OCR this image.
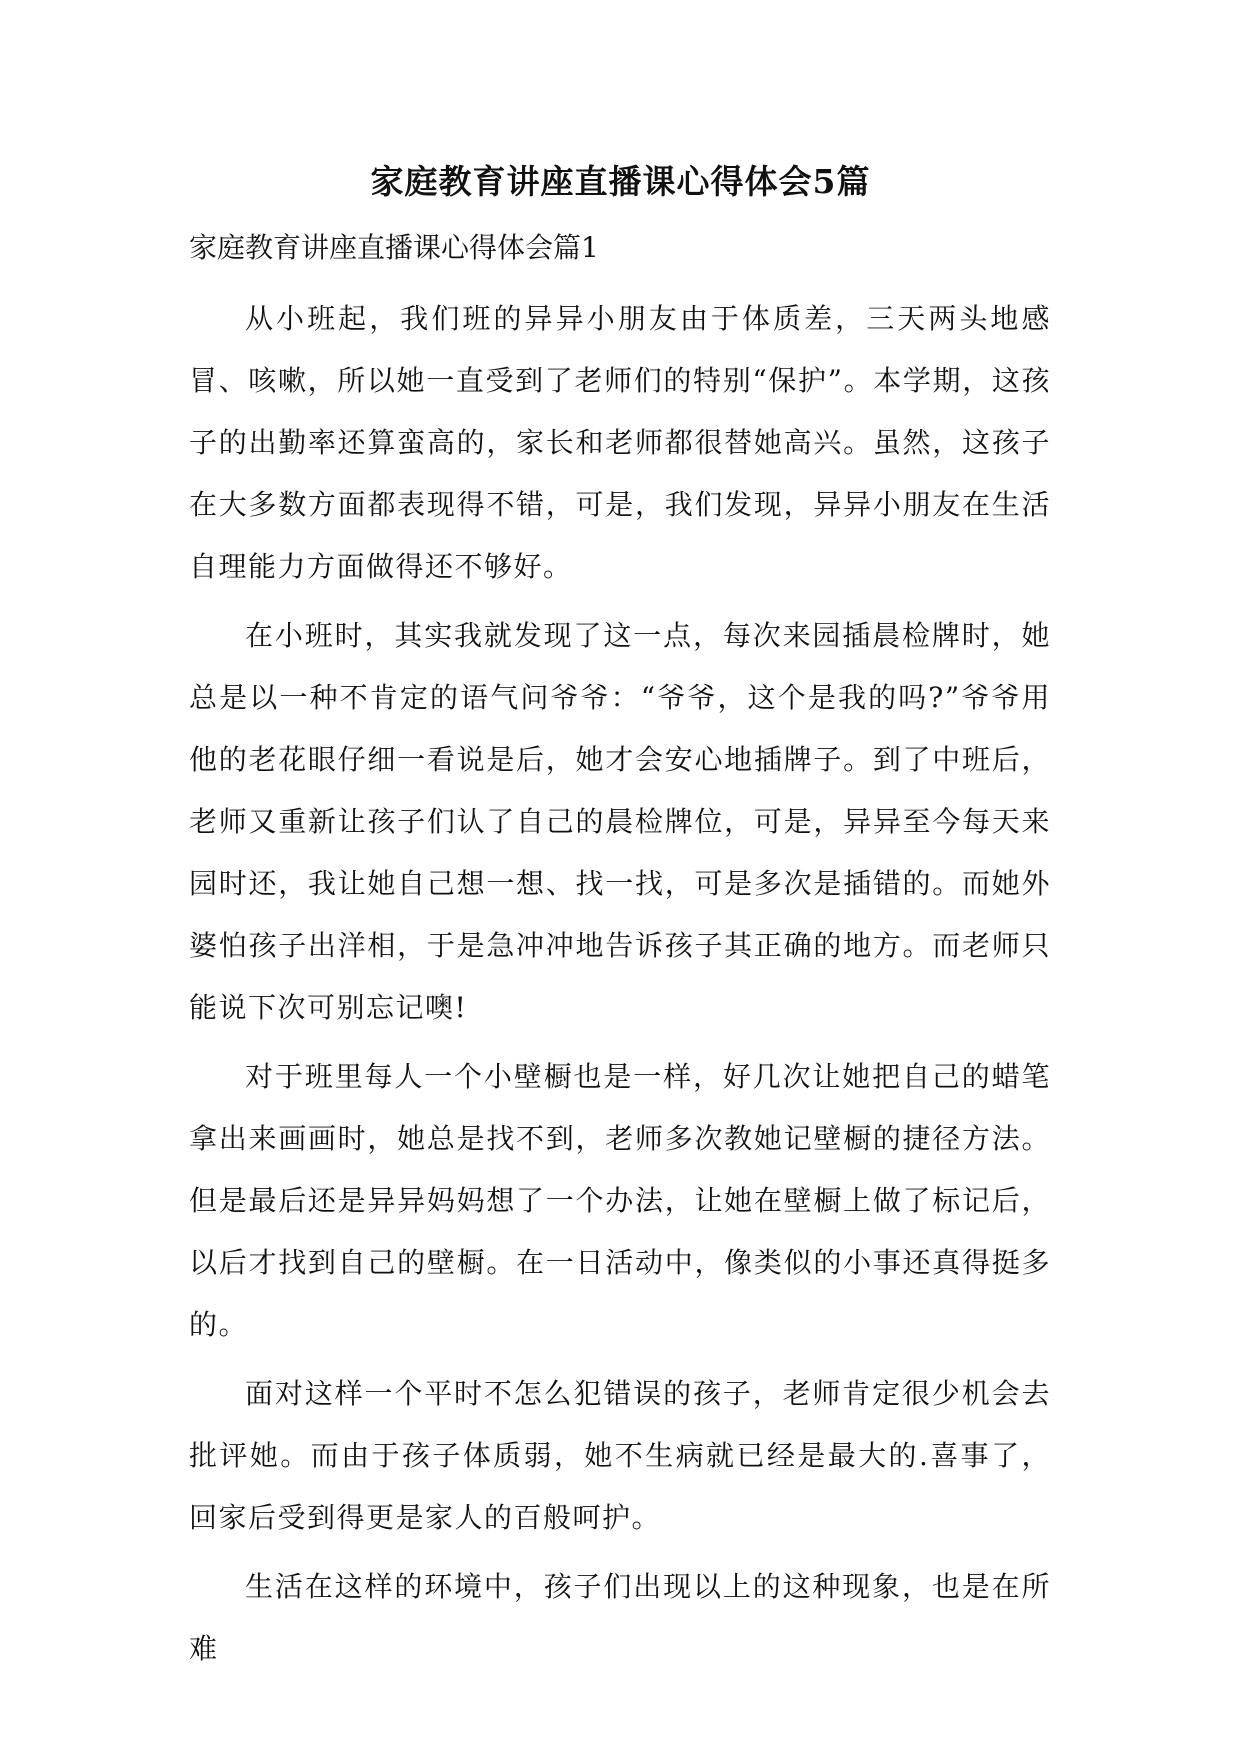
家庭教育讲座直播课心得体会5篇
家庭教育讲座直播课心得体会篇1

从小班起，我们班的异异小朋友由于体质差，三天两头地感冒、咳嗽，所以她一直受到了老师们的特别“保护”。本学期，这孩子的出勤率还算蛮高的，家长和老师都很替她高兴。虽然，这孩子在大多数方面都表现得不错，可是，我们发现，异异小朋友在生活自理能力方面做得还不够好。

在小班时，其实我就发现了这一点，每次来园插晨检牌时，她总是以一种不肯定的语气问爷爷：“爷爷，这个是我的吗?”爷爷用他的老花眼仔细一看说是后，她才会安心地插牌子。到了中班后，老师又重新让孩子们认了自己的晨检牌位，可是，异异至今每天来园时还，我让她自己想一想、找一找，可是多次是插错的。而她外婆怕孩子出洋相，于是急冲冲地告诉孩子其正确的地方。而老师只能说下次可别忘记噢!

对于班里每人一个小壁橱也是一样，好几次让她把自己的蜡笔拿出来画画时，她总是找不到，老师多次教她记壁橱的捷径方法。但是最后还是异异妈妈想了一个办法，让她在壁橱上做了标记后，以后才找到自己的壁橱。在一日活动中，像类似的小事还真得挺多的。

面对这样一个平时不怎么犯错误的孩子，老师肯定很少机会去批评她。而由于孩子体质弱，她不生病就已经是最大的.喜事了，回家后受到得更是家人的百般呵护。

生活在这样的环境中，孩子们出现以上的这种现象，也是在所难
